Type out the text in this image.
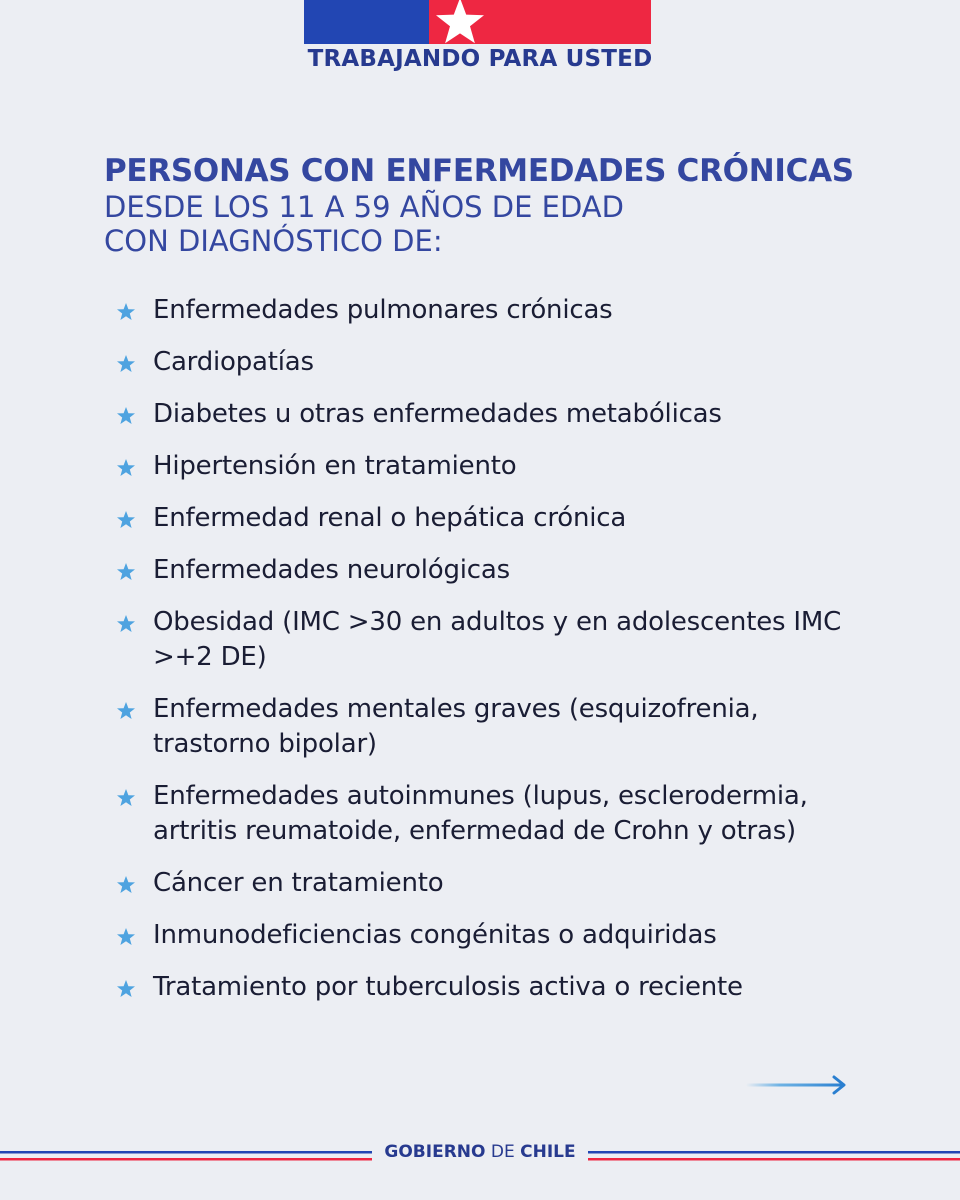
TRABAJANDO PARA USTED
PERSONAS CON ENFERMEDADES CRÓNICAS
DESDE LOS 11 A 59 AÑOS DE EDAD
CON DIAGNÓSTICO DE:
Enfermedades pulmonares crónicas
Cardiopatías
Diabetes u otras enfermedades metabólicas
Hipertensión en tratamiento
Enfermedad renal o hepática crónica
Enfermedades neurológicas
Obesidad (IMC >30 en adultos y en adolescentes IMC >+2 DE)
Enfermedades mentales graves (esquizofrenia, trastorno bipolar)
Enfermedades autoinmunes (lupus, esclerodermia, artritis reumatoide, enfermedad de Crohn y otras)
Cáncer en tratamiento
Inmunodeficiencias congénitas o adquiridas
Tratamiento por tuberculosis activa o reciente
GOBIERNO DE CHILE
